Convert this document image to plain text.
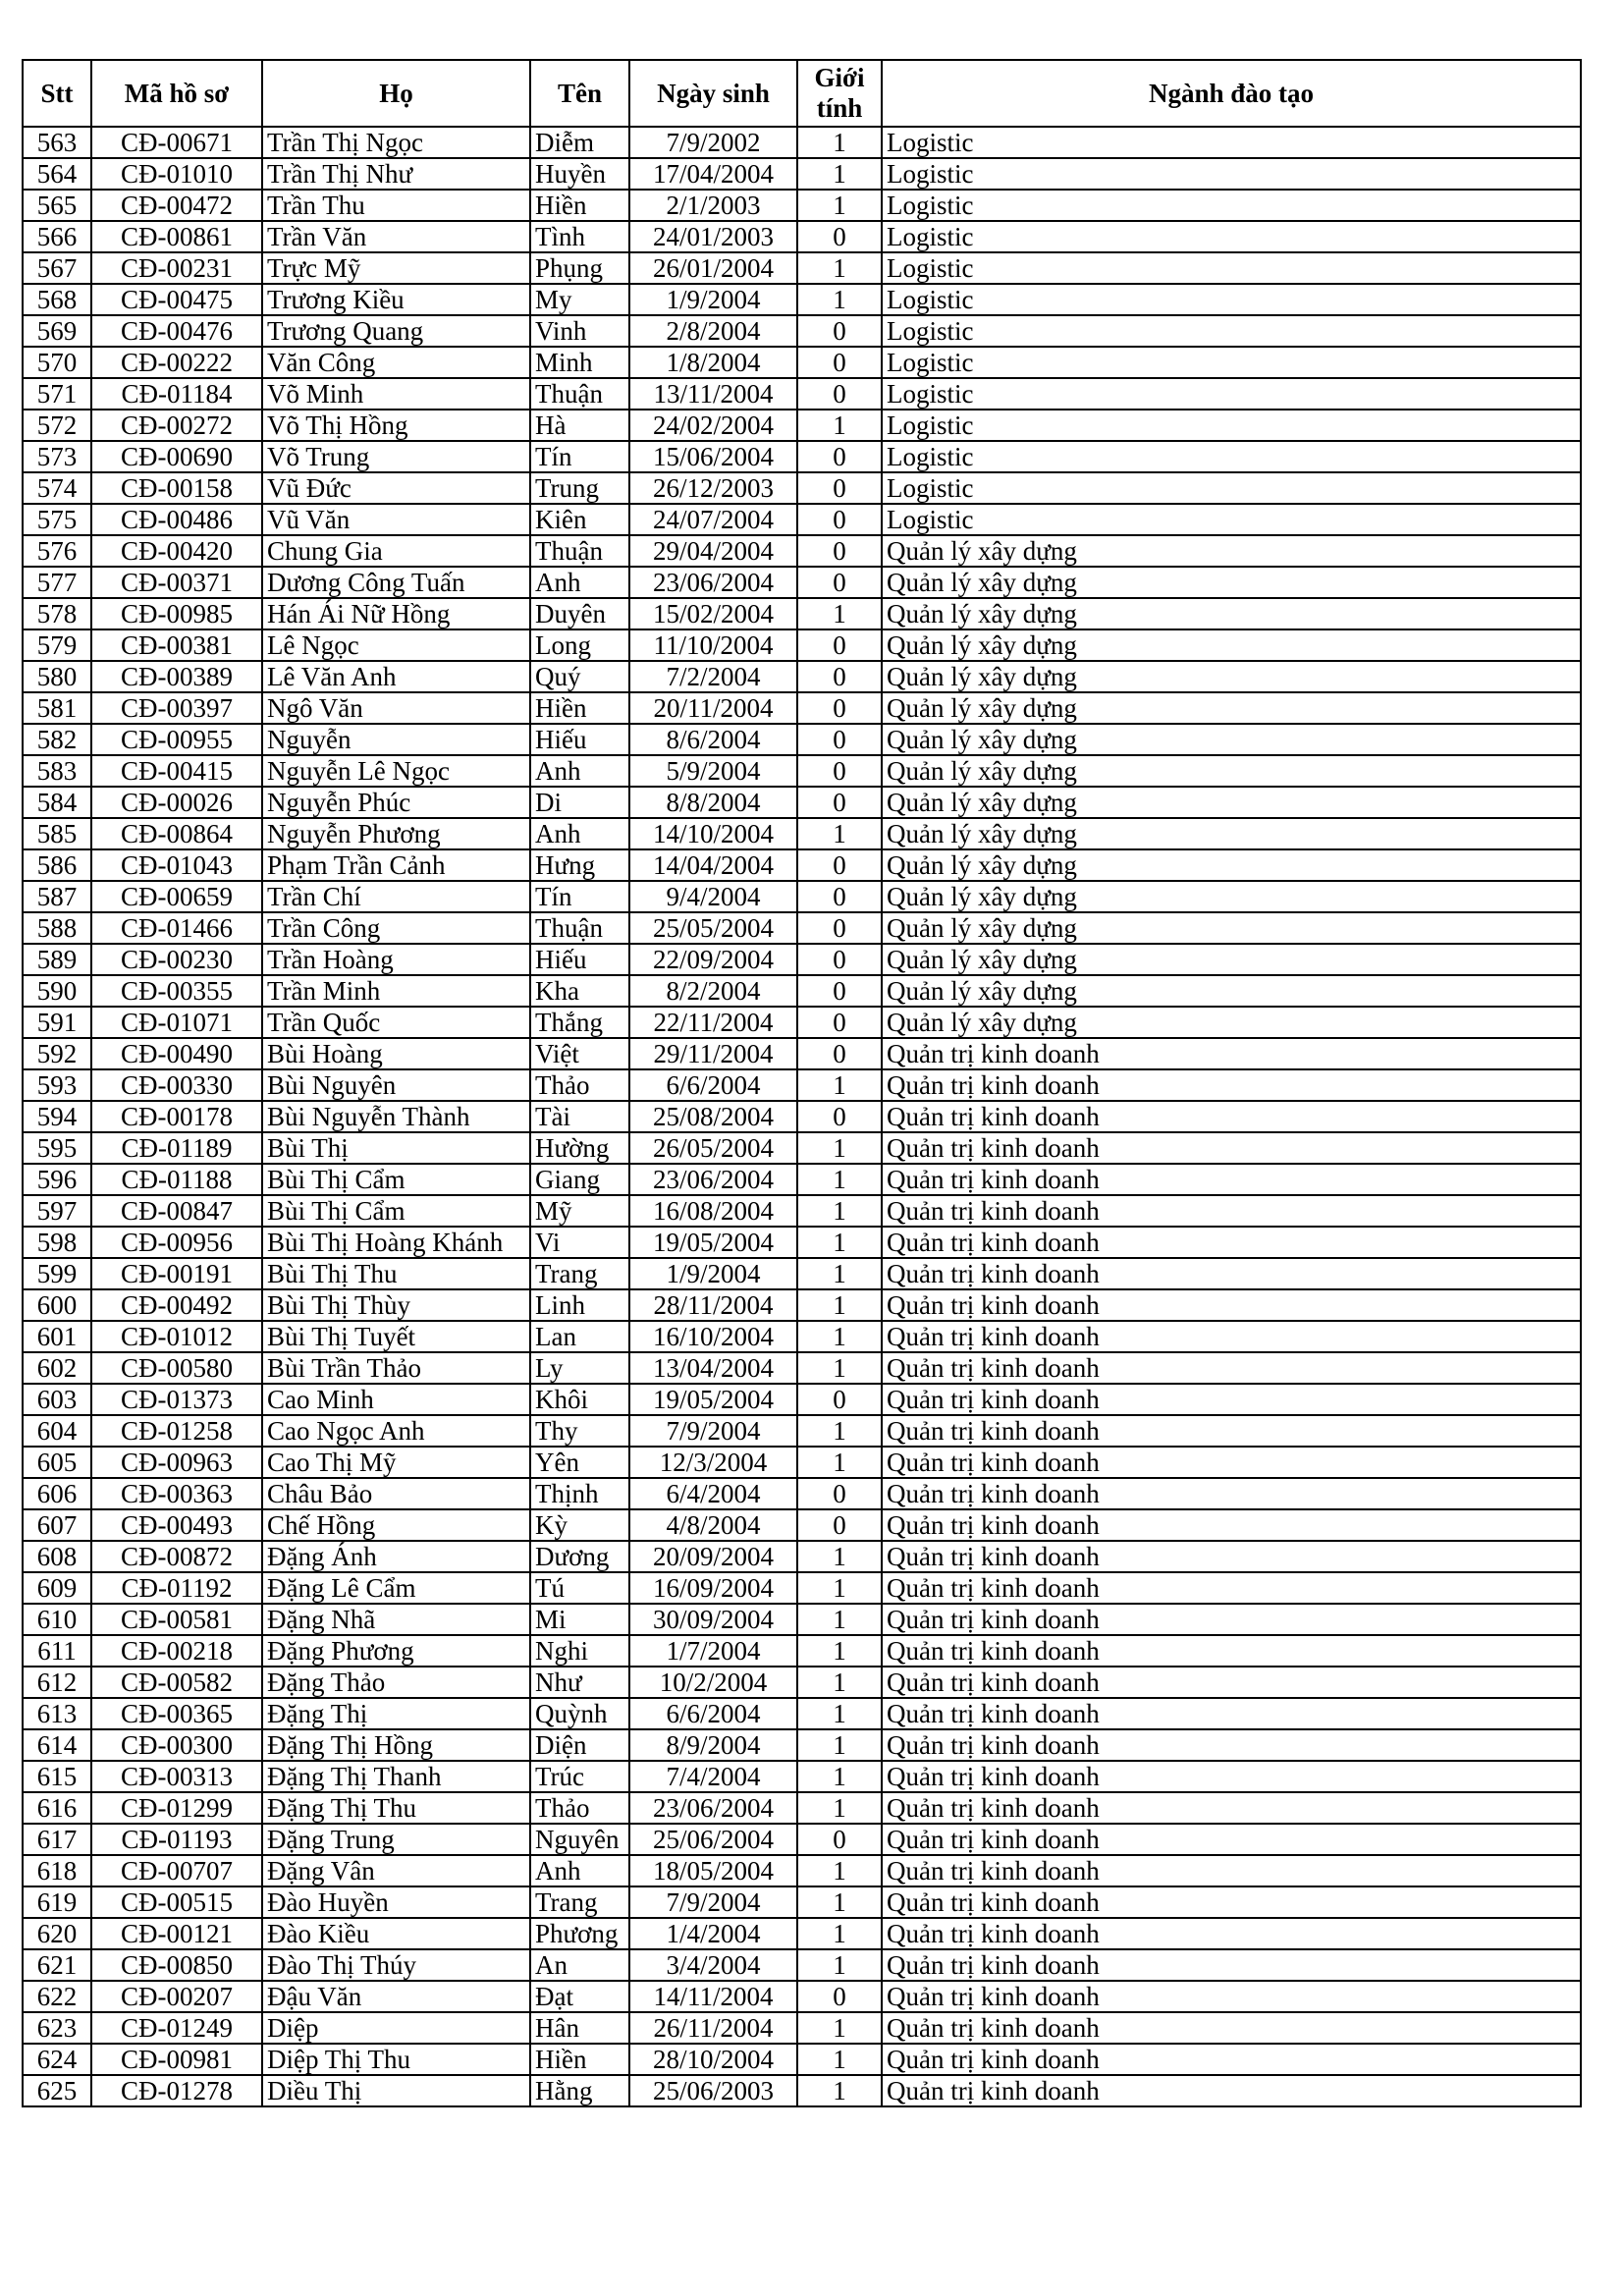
Stt	Mã hồ sơ	Họ	Tên	Ngày sinh	Giới tính	Ngành đào tạo
563	CĐ-00671	Trần Thị Ngọc	Diễm	7/9/2002	1	Logistic
564	CĐ-01010	Trần Thị Như	Huyền	17/04/2004	1	Logistic
565	CĐ-00472	Trần Thu	Hiền	2/1/2003	1	Logistic
566	CĐ-00861	Trần Văn	Tình	24/01/2003	0	Logistic
567	CĐ-00231	Trực Mỹ	Phụng	26/01/2004	1	Logistic
568	CĐ-00475	Trương Kiều	My	1/9/2004	1	Logistic
569	CĐ-00476	Trương Quang	Vinh	2/8/2004	0	Logistic
570	CĐ-00222	Văn Công	Minh	1/8/2004	0	Logistic
571	CĐ-01184	Võ Minh	Thuận	13/11/2004	0	Logistic
572	CĐ-00272	Võ Thị Hồng	Hà	24/02/2004	1	Logistic
573	CĐ-00690	Võ Trung	Tín	15/06/2004	0	Logistic
574	CĐ-00158	Vũ Đức	Trung	26/12/2003	0	Logistic
575	CĐ-00486	Vũ Văn	Kiên	24/07/2004	0	Logistic
576	CĐ-00420	Chung Gia	Thuận	29/04/2004	0	Quản lý xây dựng
577	CĐ-00371	Dương Công Tuấn	Anh	23/06/2004	0	Quản lý xây dựng
578	CĐ-00985	Hán Ái Nữ Hồng	Duyên	15/02/2004	1	Quản lý xây dựng
579	CĐ-00381	Lê Ngọc	Long	11/10/2004	0	Quản lý xây dựng
580	CĐ-00389	Lê Văn Anh	Quý	7/2/2004	0	Quản lý xây dựng
581	CĐ-00397	Ngô Văn	Hiền	20/11/2004	0	Quản lý xây dựng
582	CĐ-00955	Nguyễn	Hiếu	8/6/2004	0	Quản lý xây dựng
583	CĐ-00415	Nguyễn Lê Ngọc	Anh	5/9/2004	0	Quản lý xây dựng
584	CĐ-00026	Nguyễn Phúc	Di	8/8/2004	0	Quản lý xây dựng
585	CĐ-00864	Nguyễn Phương	Anh	14/10/2004	1	Quản lý xây dựng
586	CĐ-01043	Phạm Trần Cảnh	Hưng	14/04/2004	0	Quản lý xây dựng
587	CĐ-00659	Trần Chí	Tín	9/4/2004	0	Quản lý xây dựng
588	CĐ-01466	Trần Công	Thuận	25/05/2004	0	Quản lý xây dựng
589	CĐ-00230	Trần Hoàng	Hiếu	22/09/2004	0	Quản lý xây dựng
590	CĐ-00355	Trần Minh	Kha	8/2/2004	0	Quản lý xây dựng
591	CĐ-01071	Trần Quốc	Thắng	22/11/2004	0	Quản lý xây dựng
592	CĐ-00490	Bùi Hoàng	Việt	29/11/2004	0	Quản trị kinh doanh
593	CĐ-00330	Bùi Nguyên	Thảo	6/6/2004	1	Quản trị kinh doanh
594	CĐ-00178	Bùi Nguyễn Thành	Tài	25/08/2004	0	Quản trị kinh doanh
595	CĐ-01189	Bùi Thị	Hường	26/05/2004	1	Quản trị kinh doanh
596	CĐ-01188	Bùi Thị Cẩm	Giang	23/06/2004	1	Quản trị kinh doanh
597	CĐ-00847	Bùi Thị Cẩm	Mỹ	16/08/2004	1	Quản trị kinh doanh
598	CĐ-00956	Bùi Thị Hoàng Khánh	Vi	19/05/2004	1	Quản trị kinh doanh
599	CĐ-00191	Bùi Thị Thu	Trang	1/9/2004	1	Quản trị kinh doanh
600	CĐ-00492	Bùi Thị Thùy	Linh	28/11/2004	1	Quản trị kinh doanh
601	CĐ-01012	Bùi Thị Tuyết	Lan	16/10/2004	1	Quản trị kinh doanh
602	CĐ-00580	Bùi Trần Thảo	Ly	13/04/2004	1	Quản trị kinh doanh
603	CĐ-01373	Cao Minh	Khôi	19/05/2004	0	Quản trị kinh doanh
604	CĐ-01258	Cao Ngọc Anh	Thy	7/9/2004	1	Quản trị kinh doanh
605	CĐ-00963	Cao Thị Mỹ	Yên	12/3/2004	1	Quản trị kinh doanh
606	CĐ-00363	Châu Bảo	Thịnh	6/4/2004	0	Quản trị kinh doanh
607	CĐ-00493	Chế Hồng	Kỳ	4/8/2004	0	Quản trị kinh doanh
608	CĐ-00872	Đặng Ánh	Dương	20/09/2004	1	Quản trị kinh doanh
609	CĐ-01192	Đặng Lê Cẩm	Tú	16/09/2004	1	Quản trị kinh doanh
610	CĐ-00581	Đặng Nhã	Mi	30/09/2004	1	Quản trị kinh doanh
611	CĐ-00218	Đặng Phương	Nghi	1/7/2004	1	Quản trị kinh doanh
612	CĐ-00582	Đặng Thảo	Như	10/2/2004	1	Quản trị kinh doanh
613	CĐ-00365	Đặng Thị	Quỳnh	6/6/2004	1	Quản trị kinh doanh
614	CĐ-00300	Đặng Thị Hồng	Diện	8/9/2004	1	Quản trị kinh doanh
615	CĐ-00313	Đặng Thị Thanh	Trúc	7/4/2004	1	Quản trị kinh doanh
616	CĐ-01299	Đặng Thị Thu	Thảo	23/06/2004	1	Quản trị kinh doanh
617	CĐ-01193	Đặng Trung	Nguyên	25/06/2004	0	Quản trị kinh doanh
618	CĐ-00707	Đặng Vân	Anh	18/05/2004	1	Quản trị kinh doanh
619	CĐ-00515	Đào Huyền	Trang	7/9/2004	1	Quản trị kinh doanh
620	CĐ-00121	Đào Kiều	Phương	1/4/2004	1	Quản trị kinh doanh
621	CĐ-00850	Đào Thị Thúy	An	3/4/2004	1	Quản trị kinh doanh
622	CĐ-00207	Đậu Văn	Đạt	14/11/2004	0	Quản trị kinh doanh
623	CĐ-01249	Diệp	Hân	26/11/2004	1	Quản trị kinh doanh
624	CĐ-00981	Diệp Thị Thu	Hiền	28/10/2004	1	Quản trị kinh doanh
625	CĐ-01278	Diều Thị	Hằng	25/06/2003	1	Quản trị kinh doanh
